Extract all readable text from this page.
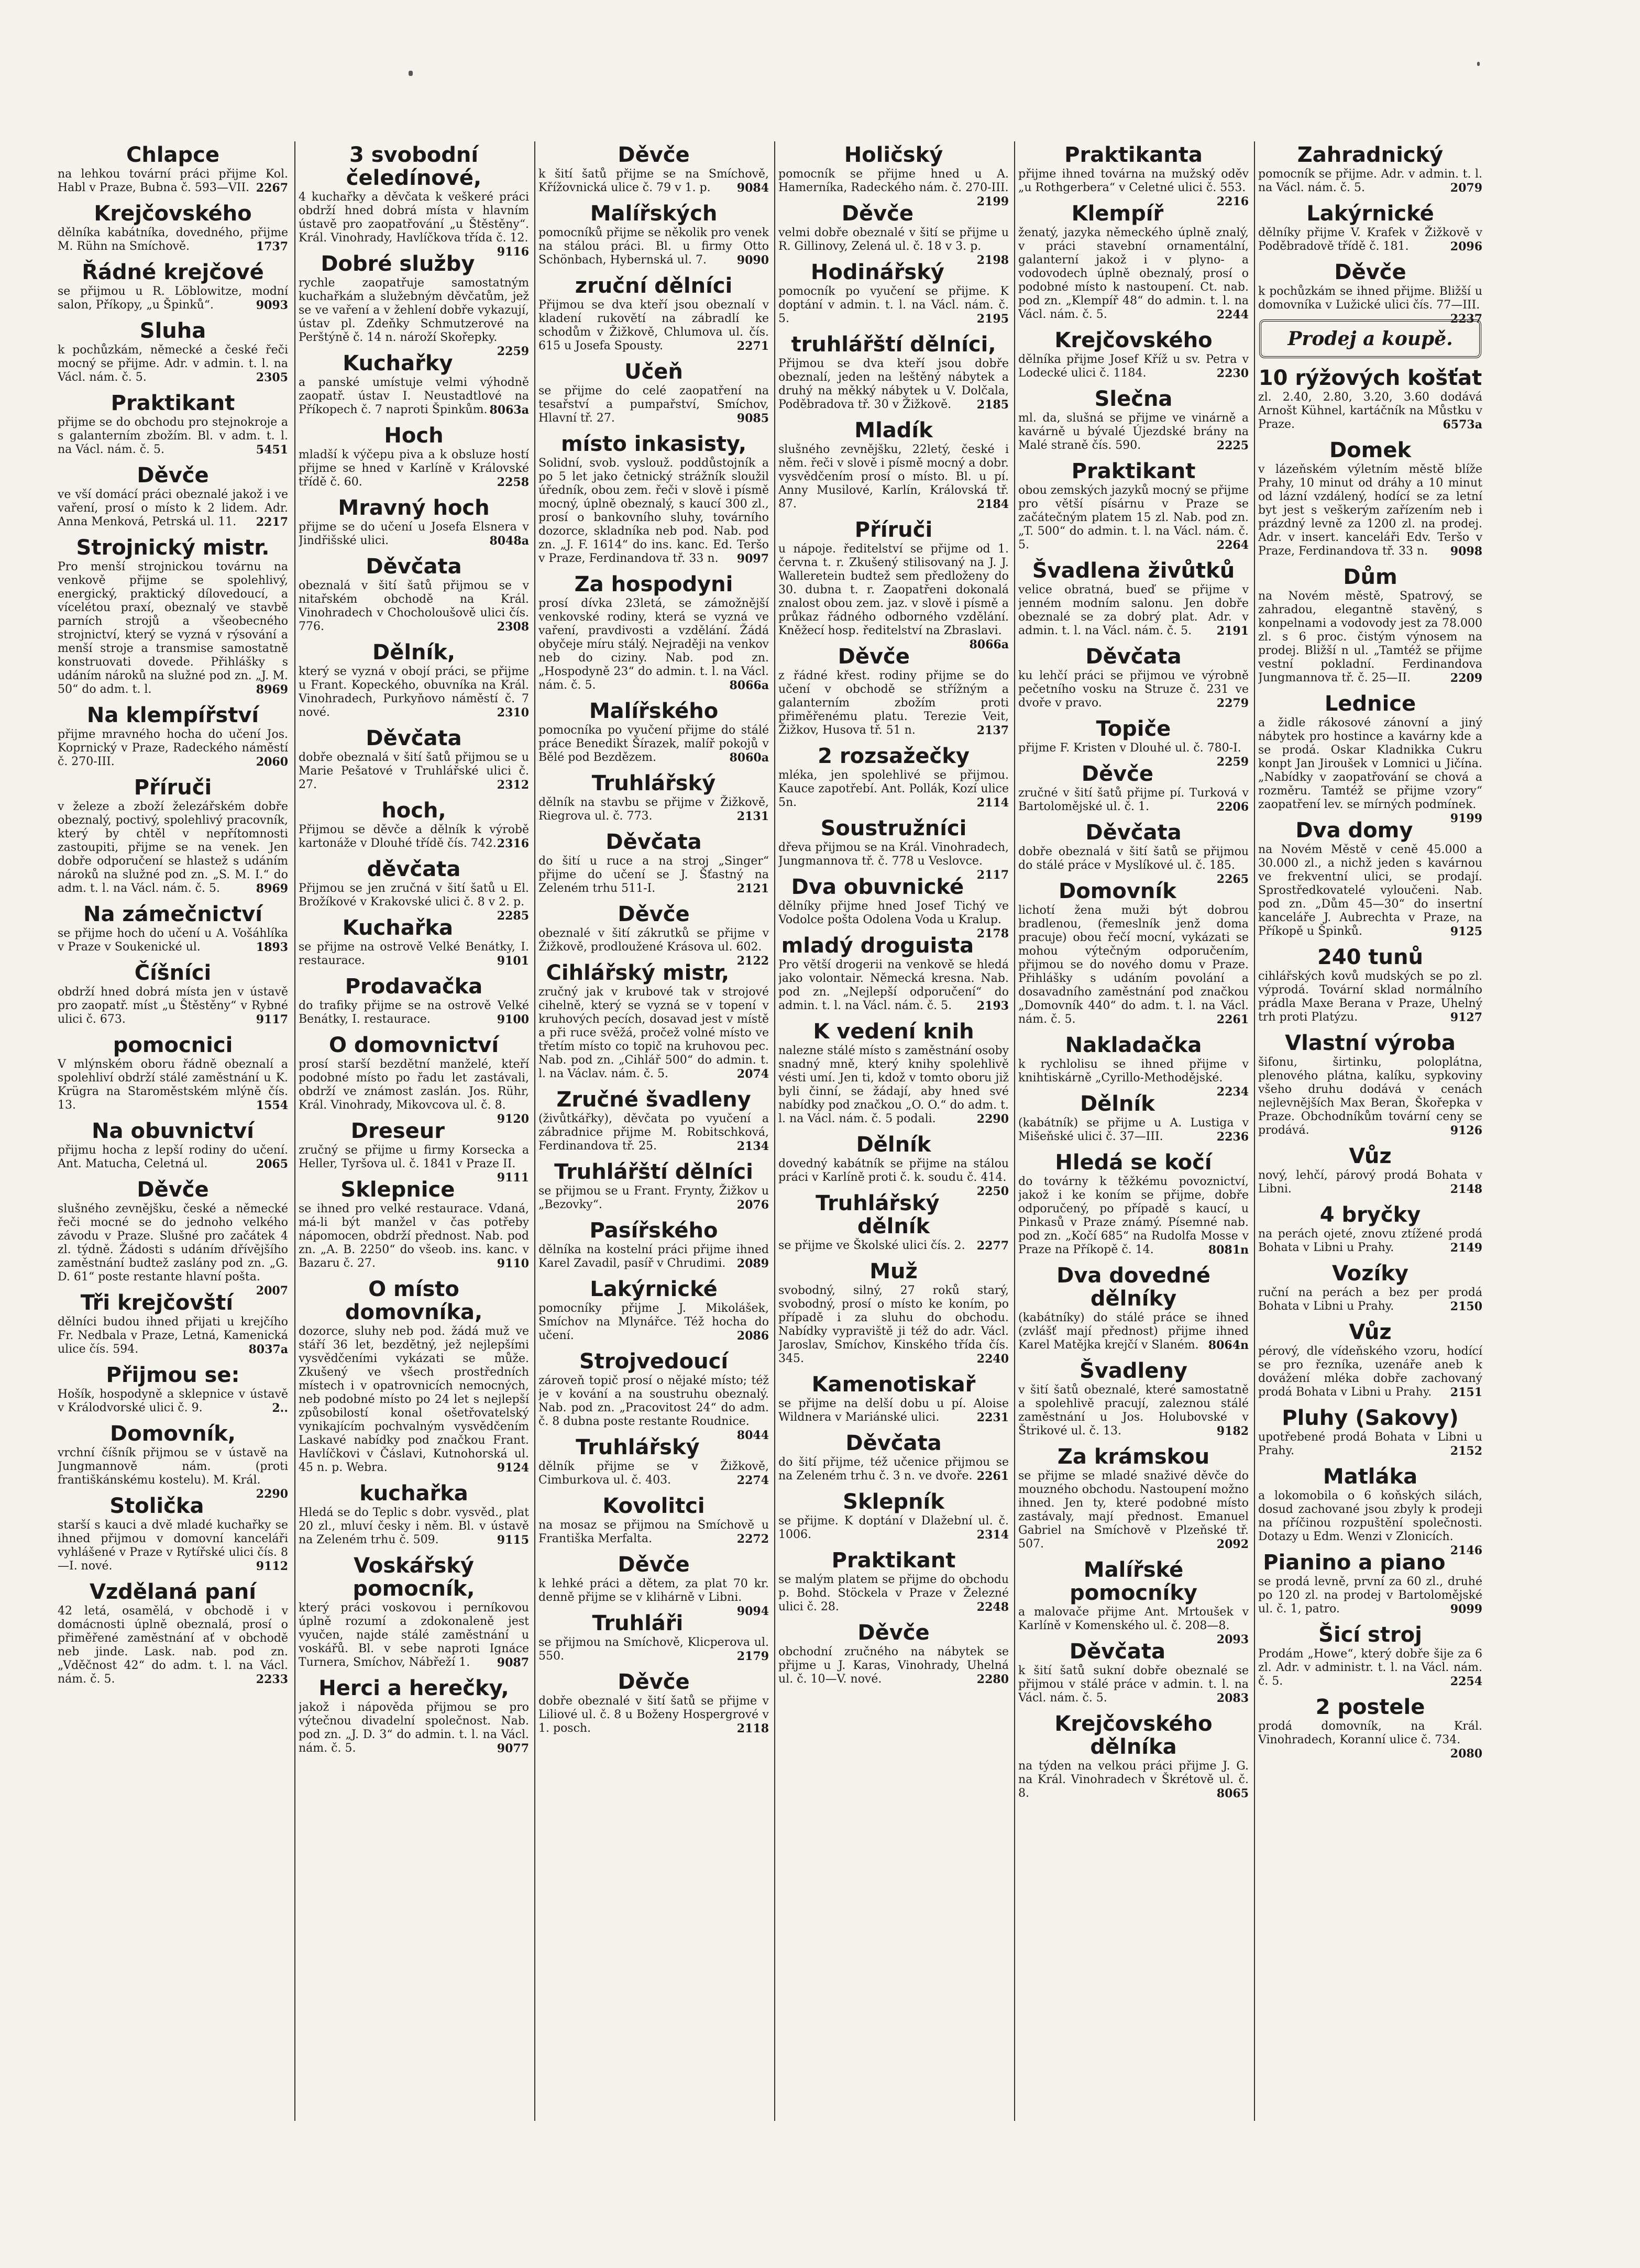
Chlapce
na lehkou tovární práci přijme Kol. Habl v Praze, Bubna č. 593—VII. 2267
Krejčovského
dělníka kabátníka, dovedného, přijme M. Rühn na Smíchově.	1737
Řádné krejčové
se přijmou u R. Löblowitze, modní salon, Příkopy, „u Špinků“.	9093
Sluha
k pochůzkám, německé a české řeči mocný se přijme. Adr. v admin. t. l. na Václ. nám. č. 5.	2305
Praktikant
přijme se do obchodu pro stejnokroje a s galanterním zbožím. Bl. v adm. t. l. na Václ. nám. č. 5.	5451
Děvče
ve vší domácí práci obeznalé jakož i ve vaření, prosí o místo k 2 lidem. Adr. Anna Menková, Petrská ul. 11. 2217
Strojnický mistr.
Pro menší strojnickou továrnu na venkově přijme se spolehlivý, energický, praktický dílovedoucí, a vícelétou praxí, obeznalý ve stavbě parních strojů a všeobecného strojnictví, který se vyzná v rýsování a menší stroje a transmise samostatně konstruovati dovede. Přihlášky s udáním nároků na služné pod zn. „J. M. 50“ do adm. t. l.	8969
Na klempířství
přijme mravného hocha do učení Jos. Koprnický v Praze, Radeckého náměstí č. 270-III.	2060
Příruči
v železe a zboží železářském dobře obeznalý, poctivý, spolehlivý pracovník, který by chtěl v nepřítomnosti zastoupiti, přijme se na venek. Jen dobře odporučení se hlastež s udáním nároků na služné pod zn. „S. M. I.“ do adm. t. l. na Václ. nám. č. 5.	8969
Na zámečnictví
se přijme hoch do učení u A. Vošáhlíka v Praze v Soukenické ul.	1893
Číšníci
obdrží hned dobrá místa jen v ústavě pro zaopatř. míst „u Štěstěny“ v Rybné ulici č. 673.	9117
pomocnici
V mlýnském oboru řádně obeznalí a spolehliví obdrží stálé zaměstnání u K. Krügra na Staroměstském mlýně čís. 13.	1554
Na obuvnictví
přijmu hocha z lepší rodiny do učení. Ant. Matucha, Celetná ul.	2065
Děvče
slušného zevnějšku, české a německé řeči mocné se do jednoho velkého závodu v Praze. Slušné pro začátek 4 zl. týdně. Žádosti s udáním dřívějšího zaměstnání budtež zaslány pod zn. „G. D. 61“ poste restante hlavní pošta.
2007
Tři krejčovští
dělníci budou ihned přijati u krejčího Fr. Nedbala v Praze, Letná, Kamenická ulice čís. 594.	8037a
Přijmou se:
Hošík, hospodyně a sklepnice v ústavě v Králodvorské ulici č. 9.	2..
Domovník,
vrchní číšník přijmou se v ústavě na Jungmannově nám. (proti františkánskému kostelu). M. Král.
2290
Stolička
starší s kauci a dvě mladé kuchařky se ihned přijmou v domovní kanceláři vyhlášené v Praze v Rytířské ulici čís. 8—I. nové.	9112
Vzdělaná paní
42 letá, osamělá, v obchodě i v domácnosti úplně obeznalá, prosí o přiměřené zaměstnání ať v obchodě neb jinde. Lask. nab. pod zn. „Vděčnost 42“ do adm. t. l. na Václ. nám. č. 5.	2233
3 svobodní čeledínové,
4 kuchařky a děvčata k veškeré práci obdrží hned dobrá místa v hlavním ústavě pro zaopatřování „u Štěstěny“. Král. Vinohrady, Havlíčkova třída č. 12.
9116
Dobré služby
rychle zaopatřuje samostatným kuchařkám a služebným děvčatům, jež se ve vaření a v žehlení dobře vykazují, ústav pl. Zdeňky Schmutzerové na Perštýně č. 14 n. nároží Skořepky.
2259
Kuchařky
a panské umístuje velmi výhodně zaopatř. ústav I. Neustadtlové na Příkopech č. 7 naproti Špinkům. 8063a
Hoch
mladší k výčepu piva a k obsluze hostí přijme se hned v Karlíně v Královské třídě č. 60.	2258
Mravný hoch
přijme se do učení u Josefa Elsnera v Jindřišské ulici.	8048a
Děvčata
obeznalá v šití šatů přijmou se v nitařském obchodě na Král. Vinohradech v Chocholoušově ulici čís. 776.	2308
Dělník,
který se vyzná v obojí práci, se přijme u Frant. Kopeckého, obuvníka na Král. Vinohradech, Purkyňovo náměstí č. 7 nové.	2310
Děvčata
dobře obeznalá v šití šatů přijmou se u Marie Pešatové v Truhlářské ulici č. 27.	2312
hoch,
Přijmou se děvče a dělník k výrobě kartonáže v Dlouhé třídě čís. 742. 2316
děvčata
Přijmou se jen zručná v šití šatů u El. Brožíkové v Krakovské ulici č. 8 v 2. p.
2285
Kuchařka
se přijme na ostrově Velké Benátky, I. restaurace.	9101
Prodavačka
do trafiky přijme se na ostrově Velké Benátky, I. restaurace.	9100
O domovnictví
prosí starší bezdětní manželé, kteří podobné místo po řadu let zastávali, obdrží ve známost zaslán. Jos. Rühr, Král. Vinohrady, Mikovcova ul. č. 8.
9120
Dreseur
zručný se přijme u firmy Korsecka a Heller, Tyršova ul. č. 1841 v Praze II.
9111
Sklepnice
se ihned pro velké restaurace. Vdaná, má-li být manžel v čas potřeby nápomocen, obdrží přednost. Nab. pod zn. „A. B. 2250“ do všeob. ins. kanc. v Bazaru č. 27.	9110
O místo domovníka,
dozorce, sluhy neb pod. žádá muž ve stáří 36 let, bezdětný, jež nejlepšími vysvědčeními vykázati se může. Zkušený ve všech prostředních místech i v opatrovnicích nemocných, neb podobné místo po 24 let s nejlepší způsobilostí konal ošetřovatelský vynikajícím pochvalným vysvědčením Laskavé nabídky pod značkou Frant. Havlíčkovi v Čáslavi, Kutnohorská ul. 45 n. p. Webra.	9124
kuchařka
Hledá se do Teplic s dobr. vysvěd., plat 20 zl., mluví česky i něm. Bl. v ústavě na Zeleném trhu č. 509.	9115
Voskářský pomocník,
který práci voskovou i perníkovou úplně rozumí a zdokonaleně jest vyučen, najde stálé zaměstnání u voskářů. Bl. v sebe naproti Ignáce Turnera, Smíchov, Nábřeží 1. 9087
Herci a herečky,
jakož i nápověda přijmou se pro výtečnou divadelní společnost. Nab. pod zn. „J. D. 3“ do admin. t. l. na Václ. nám. č. 5.	9077
Děvče
k šití šatů přijme se na Smíchově, Křížovnická ulice č. 79 v 1. p. 9084
Malířských
pomocníků přijme se několik pro venek na stálou práci. Bl. u firmy Otto Schönbach, Hybernská ul. 7.	9090
zruční dělníci
Přijmou se dva kteří jsou obeznalí v kladení rukovětí na zábradlí ke schodům v Žižkově, Chlumova ul. čís. 615 u Josefa Spousty.	2271
Učeň
se přijme do celé zaopatření na tesařství a pumpařství, Smíchov, Hlavní tř. 27.	9085
místo inkasisty,
Solidní, svob. vyslouž. poddůstojník a po 5 let jako četnický strážník sloužil úředník, obou zem. řeči v slově i písmě mocný, úplně obeznalý, s kaucí 300 zl., prosí o bankovního sluhy, továrního dozorce, skladníka neb pod. Nab. pod zn. „J. F. 1614“ do ins. kanc. Ed. Teršo v Praze, Ferdinandova tř. 33 n. 9097
Za hospodyni
prosí dívka 23letá, se zámožnější venkovské rodiny, která se vyzná ve vaření, pravdivosti a vzdělání. Žádá obyčeje míru stálý. Nejraději na venkov neb do ciziny. Nab. pod zn. „Hospodyně 23“ do admin. t. l. na Václ. nám. č. 5.	8066a
Malířského
pomocníka po vyučení přijme do stálé práce Benedikt Šírazek, malíř pokojů v Bělé pod Bezdězem.	8060a
Truhlářský
dělník na stavbu se přijme v Žižkově, Riegrova ul. č. 773.	2131
Děvčata
do šití u ruce a na stroj „Singer“ přijme do učení se J. Šťastný na Zeleném trhu 511-I.	2121
Děvče
obeznalé v šití zákrutků se přijme v Žižkově, prodloužené Krásova ul. 602.
2122
Cihlářský mistr,
zručný jak v krubové tak v strojové cihelně, který se vyzná se v topení v kruhových pecích, dosavad jest v místě a při ruce svěžá, pročež volné místo ve třetím místo co topič na kruhovou pec. Nab. pod zn. „Cihlář 500“ do admin. t. l. na Václav. nám. č. 5.	2074
Zručné švadleny
(živůtkářky), děvčata po vyučení a zábradnice přijme M. Robitschková, Ferdinandova tř. 25.	2134
Truhlářští dělníci
se přijmou se u Frant. Frynty, Žižkov u „Bezovky“.	2076
Pasířského
dělníka na kostelní práci přijme ihned Karel Zavadil, pasíř v Chrudimi. 2089
Lakýrnické
pomocníky přijme J. Mikolášek, Smíchov na Mlynářce. Též hocha do učení.	2086
Strojvedoucí
zároveň topič prosí o nějaké místo; též je v kování a na soustruhu obeznalý. Nab. pod zn. „Pracovitost 24“ do adm. č. 8 dubna poste restante Roudnice.
8044
Truhlářský
dělník přijme se v Žižkově, Cimburkova ul. č. 403.	2274
Kovolitci
na mosaz se přijmou na Smíchově u Františka Merfalta.	2272
Děvče
k lehké práci a dětem, za plat 70 kr. denně přijme se v klihárně v Libni.
9094
Truhláři
se přijmou na Smíchově, Klicperova ul. 550.	2179
Děvče
dobře obeznalé v šití šatů se přijme v Liliové ul. č. 8 u Boženy Hospergrové v 1. posch.	2118
Holičský
pomocník se přijme hned u A. Hamerníka, Radeckého nám. č. 270-III.
2199
Děvče
velmi dobře obeznalé v šití se přijme u R. Gillinovy, Zelená ul. č. 18 v 3. p.
2198
Hodinářský
pomocník po vyučení se přijme. K doptání v admin. t. l. na Václ. nám. č. 5.	2195
truhlářští dělníci,
Přijmou se dva kteří jsou dobře obeznalí, jeden na leštěný nábytek a druhý na měkký nábytek u V. Dolčala, Poděbradova tř. 30 v Žižkově. 2185
Mladík
slušného zevnějšku, 22letý, české i něm. řeči v slově i písmě mocný a dobr. vysvědčením prosí o místo. Bl. u pí. Anny Musilové, Karlín, Královská tř. 87.	2184
Příruči
u nápoje. ředitelství se přijme od 1. června t. r. Zkušený stilisovaný na J. J. Walleretein budtež sem předloženy do 30. dubna t. r. Zaopatřeni dokonalá znalost obou zem. jaz. v slově i písmě a průkaz řádného odborného vzdělání. Kněžecí hosp. ředitelství na Zbraslavi.
8066a
Děvče
z řádné křest. rodiny přijme se do učení v obchodě se střížným a galanterním zbožím proti přiměřenému platu. Terezie Veit, Žižkov, Husova tř. 51 n.	2137
2 rozsažečky
mléka, jen spolehlivé se přijmou. Kauce zapotřebí. Ant. Pollák, Kozí ulice 5n.	2114
Soustružníci
dřeva přijmou se na Král. Vinohradech, Jungmannova tř. č. 778 u Veslovce.
2117
Dva obuvnické
dělníky přijme hned Josef Tichý ve Vodolce pošta Odolena Voda u Kralup.
2178
mladý droguista
Pro větší drogerii na venkově se hledá jako volontair. Německá kresna. Nab. pod zn. „Nejlepší odporučení“ do admin. t. l. na Václ. nám. č. 5. 2193
K vedení knih
nalezne stálé místo s zaměstnání osoby snadný mně, který knihy spolehlivě vésti umí. Jen ti, kdož v tomto oboru již byli činní, se žádají, aby hned své nabídky pod značkou „O. O.“ do adm. t. l. na Václ. nám. č. 5 podali.	2290
Dělník
dovedný kabátník se přijme na stálou práci v Karlíně proti č. k. soudu č. 414.
2250
Truhlářský dělník
se přijme ve Školské ulici čís. 2. 2277
Muž
svobodný, silný, 27 roků starý, svobodný, prosí o místo ke koním, po případě i za sluhu do obchodu. Nabídky vypraviště ji též do adr. Václ. Jaroslav, Smíchov, Kinského třída čís. 345.	2240
Kamenotiskař
se přijme na delší dobu u pí. Aloise Wildnera v Mariánské ulici.	2231
Děvčata
do šití přijme, též učenice přijmou se na Zeleném trhu č. 3 n. ve dvoře. 2261
Sklepník
se přijme. K doptání v Dlažební ul. č. 1006.	2314
Praktikant
se malým platem se přijme do obchodu p. Bohd. Stöckela v Praze v Železné ulici č. 28.	2248
Děvče
obchodní zručného na nábytek se přijme u J. Karas, Vinohrady, Uhelná ul. č. 10—V. nové.	2280
Praktikanta
přijme ihned továrna na mužský oděv „u Rothgerbera“ v Celetné ulici č. 553.
2216
Klempíř
ženatý, jazyka německého úplně znalý, v práci stavební ornamentální, galanterní jakož i v plyno- a vodovodech úplně obeznalý, prosí o podobné místo k nastoupení. Ct. nab. pod zn. „Klempíř 48“ do admin. t. l. na Václ. nám. č. 5.	2244
Krejčovského
dělníka přijme Josef Kříž u sv. Petra v Lodecké ulici č. 1184.	2230
Slečna
ml. da, slušná se přijme ve vinárně a kavárně u bývalé Újezdské brány na Malé straně čís. 590.	2225
Praktikant
obou zemských jazyků mocný se přijme pro větší písárnu v Praze se začátečným platem 15 zl. Nab. pod zn. „T. 500“ do admin. t. l. na Václ. nám. č. 5.	2264
Švadlena živůtků
velice obratná, bueď se přijme v jenném modním salonu. Jen dobře obeznalé se za dobrý plat. Adr. v admin. t. l. na Václ. nám. č. 5. 2191
Děvčata
ku lehčí práci se přijmou ve výrobně pečetního vosku na Struze č. 231 ve dvoře v pravo.	2279
Topiče
přijme F. Kristen v Dlouhé ul. č. 780-I.
2259
Děvče
zručné v šití šatů přijme pí. Turková v Bartolomějské ul. č. 1.	2206
Děvčata
dobře obeznalá v šití šatů se přijmou do stálé práce v Myslíkové ul. č. 185.
2265
Domovník
lichotí žena muži být dobrou bradlenou, (řemeslník jenž doma pracuje) obou řečí mocní, vykázati se mohou výtečným odporučením, přijmou se do nového domu v Praze. Přihlášky s udáním povolání a dosavadního zaměstnání pod značkou „Domovník 440“ do adm. t. l. na Václ. nám. č. 5.	2261
Nakladačka
k rychlolisu se ihned přijme v knihtiskárně „Cyrillo-Methodějské.
2234
Dělník
(kabátník) se přijme u A. Lustiga v Mišeňské ulici č. 37—III.	2236
Hledá se kočí
do továrny k těžkému povoznictví, jakož i ke koním se přijme, dobře odporučený, po případě s kaucí, u Pinkasů v Praze známý. Písemné nab. pod zn. „Kočí 685“ na Rudolfa Mosse v Praze na Příkopě č. 14.	8081n
Dva dovedné dělníky
(kabátníky) do stálé práce se ihned (zvlášť mají přednost) přijme ihned Karel Matějka krejčí v Slaném. 8064n
Švadleny
v šití šatů obeznalé, které samostatně a spolehlivě pracují, zaleznou stálé zaměstnání u Jos. Holubovské v Štrikové ul. č. 13.	9182
Za krámskou
se přijme se mladé snaživé děvče do mouzného obchodu. Nastoupení možno ihned. Jen ty, které podobné místo zastávaly, mají přednost. Emanuel Gabriel na Smíchově v Plzeňské tř. 507.	2092
Malířské pomocníky
a malovače přijme Ant. Mrtoušek v Karlíně v Komenského ul. č. 208—8.
2093
Děvčata
k šití šatů sukní dobře obeznalé se přijmou v stálé práce v admin. t. l. na Václ. nám. č. 5.	2083
Krejčovského dělníka
na týden na velkou práci přijme J. G. na Král. Vinohradech v Škrétově ul. č. 8.	8065
Zahradnický
pomocník se přijme. Adr. v admin. t. l. na Václ. nám. č. 5.	2079
Lakýrnické
dělníky přijme V. Krafek v Žižkově v Poděbradově třídě č. 181.	2096
Děvče
k pochůzkám se ihned přijme. Bližší u domovníka v Lužické ulici čís. 77—III.
2237
Prodej a koupě.
10 rýžových košťat
zl. 2.40, 2.80, 3.20, 3.60 dodává Arnošt Kühnel, kartáčník na Můstku v Praze.	6573a
Domek
v lázeňském výletním městě blíže Prahy, 10 minut od dráhy a 10 minut od lázní vzdálený, hodící se za letní byt jest s veškerým zařízením neb i prázdný levně za 1200 zl. na prodej. Adr. v insert. kanceláři Edv. Teršo v Praze, Ferdinandova tř. 33 n. 9098
Dům
na Novém městě, Spatrový, se zahradou, elegantně stavěný, s konpelnami a vodovody jest za 78.000 zl. s 6 proc. čistým výnosem na prodej. Bližší n ul. „Tamtéž se přijme vestní pokladní. Ferdinandova Jungmannova tř. č. 25—II.	2209
Lednice
a židle rákosové zánovní a jiný nábytek pro hostince a kavárny kde a se prodá. Oskar Kladnikka Cukru konpt Jan Jiroušek v Lomnici u Jičína. „Nabídky v zaopatřování se chová a rozměru. Tamtéž se přijme vzory“ zaopatření lev. se mírných podmínek.
9199
Dva domy
na Novém Městě v ceně 45.000 a 30.000 zl., a nichž jeden s kavárnou ve frekventní ulici, se prodají. Sprostředkovatelé vyloučeni. Nab. pod zn. „Dům 45—30“ do insertní kanceláře J. Aubrechta v Praze, na Příkopě u Špinků.	9125
240 tunů
cihlářských kovů mudských se po zl. výprodá. Tovární sklad normálního prádla Maxe Berana v Praze, Uhelný trh proti Platýzu.	9127
Vlastní výroba
šifonu, širtinku, poloplátna, plenového plátna, kalíku, sypkoviny všeho druhu dodává v cenách nejlevnějších Max Beran, Škořepka v Praze. Obchodníkům tovární ceny se prodává.	9126
Vůz
nový, lehčí, párový prodá Bohata v Libni.	2148
4 bryčky
na perách ojeté, znovu ztížené prodá Bohata v Libni u Prahy.	2149
Vozíky
ruční na perách a bez per prodá Bohata v Libni u Prahy.	2150
Vůz
pérový, dle vídeňského vzoru, hodící se pro řezníka, uzenáře aneb k dovážení mléka dobře zachovaný prodá Bohata v Libni u Prahy. 2151
Pluhy (Sakovy)
upotřebené prodá Bohata v Libni u Prahy.	2152
Matláka
a lokomobila o 6 koňských silách, dosud zachované jsou zbyly k prodeji na příčinou rozpuštění společnosti. Dotazy u Edm. Wenzi v Zlonicích.
2146
Pianino a piano
se prodá levně, první za 60 zl., druhé po 120 zl. na prodej v Bartolomějské ul. č. 1, patro.	9099
Šicí stroj
Prodám „Howe“, který dobře šije za 6 zl. Adr. v administr. t. l. na Václ. nám. č. 5.	2254
2 postele
prodá domovník, na Král. Vinohradech, Koranní ulice č. 734.
2080
